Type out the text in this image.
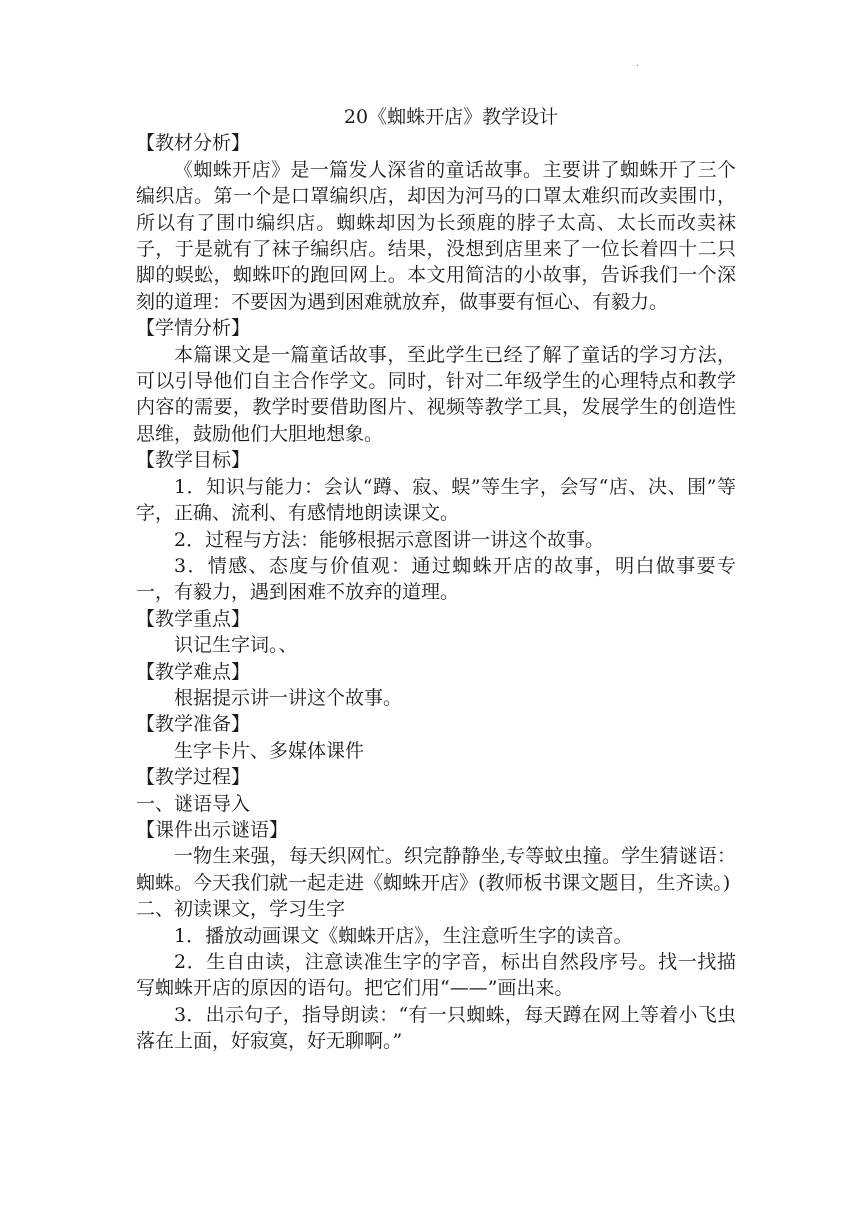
.

20《蜘蛛开店》教学设计

【教材分析】

《蜘蛛开店》是一篇发人深省的童话故事。主要讲了蜘蛛开了三个编织店。第一个是口罩编织店，却因为河马的口罩太难织而改卖围巾，所以有了围巾编织店。蜘蛛却因为长颈鹿的脖子太高、太长而改卖袜子，于是就有了袜子编织店。结果，没想到店里来了一位长着四十二只脚的蜈蚣，蜘蛛吓的跑回网上。本文用简洁的小故事，告诉我们一个深刻的道理：不要因为遇到困难就放弃，做事要有恒心、有毅力。

【学情分析】

本篇课文是一篇童话故事，至此学生已经了解了童话的学习方法，可以引导他们自主合作学文。同时，针对二年级学生的心理特点和教学内容的需要，教学时要借助图片、视频等教学工具，发展学生的创造性思维，鼓励他们大胆地想象。

【教学目标】

1．知识与能力：会认“蹲、寂、蜈”等生字，会写“店、决、围”等字，正确、流利、有感情地朗读课文。

2．过程与方法：能够根据示意图讲一讲这个故事。

3．情感、态度与价值观：通过蜘蛛开店的故事，明白做事要专一，有毅力，遇到困难不放弃的道理。

【教学重点】

识记生字词。、

【教学难点】

根据提示讲一讲这个故事。

【教学准备】

生字卡片、多媒体课件

【教学过程】

一、谜语导入

【课件出示谜语】

一物生来强，每天织网忙。织完静静坐,专等蚊虫撞。学生猜谜语：蜘蛛。今天我们就一起走进《蜘蛛开店》(教师板书课文题目，生齐读。)

二、初读课文，学习生字

1．播放动画课文《蜘蛛开店》，生注意听生字的读音。

2．生自由读，注意读准生字的字音，标出自然段序号。找一找描写蜘蛛开店的原因的语句。把它们用“——”画出来。

3．出示句子，指导朗读：“有一只蜘蛛，每天蹲在网上等着小飞虫落在上面，好寂寞，好无聊啊。”
